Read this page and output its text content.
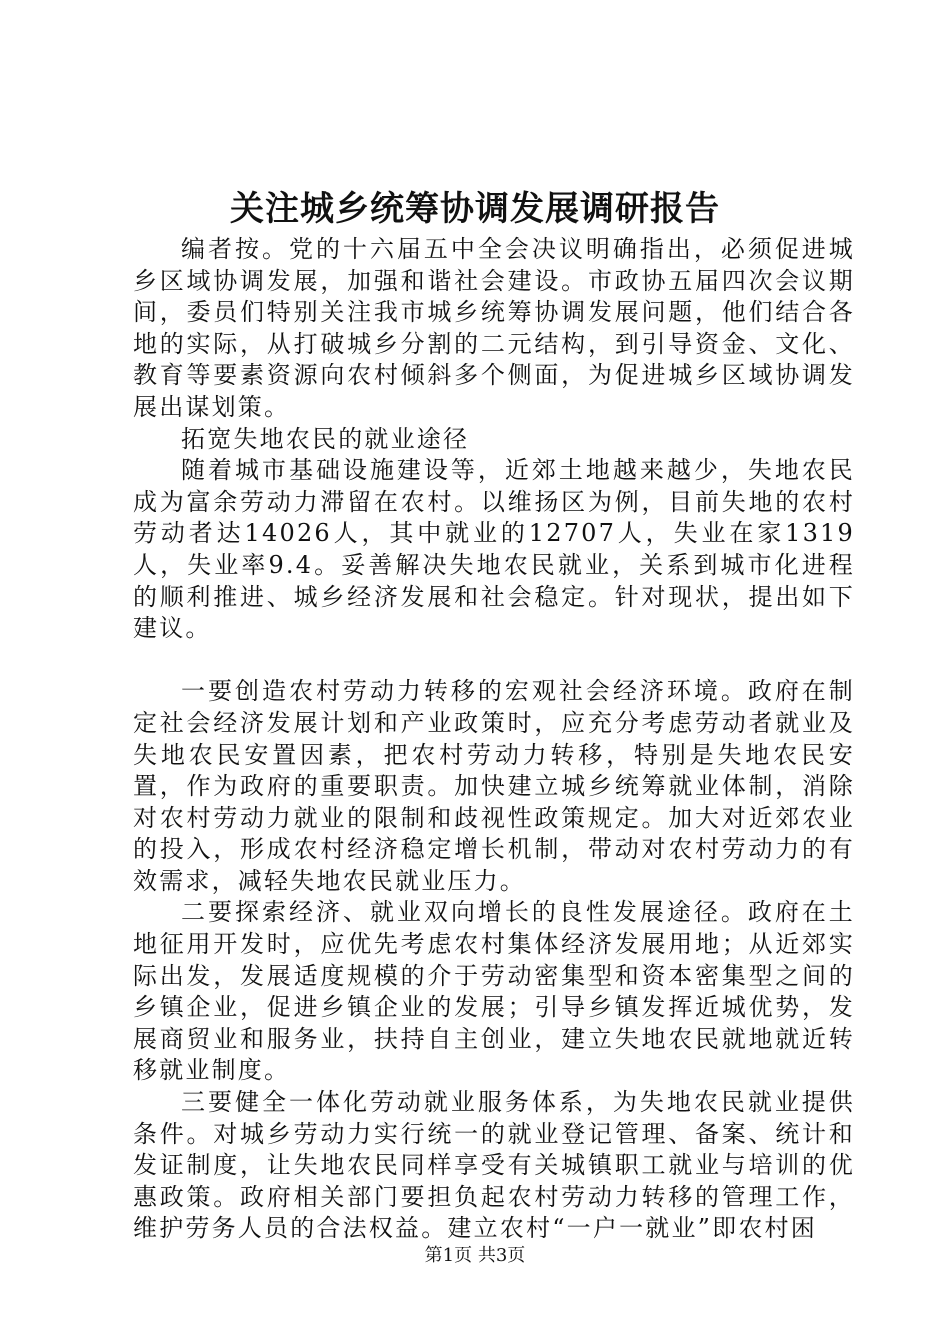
关注城乡统筹协调发展调研报告

编者按。党的十六届五中全会决议明确指出，必须促进城乡区域协调发展，加强和谐社会建设。市政协五届四次会议期间，委员们特别关注我市城乡统筹协调发展问题，他们结合各地的实际，从打破城乡分割的二元结构，到引导资金、文化、教育等要素资源向农村倾斜多个侧面，为促进城乡区域协调发展出谋划策。

拓宽失地农民的就业途径

随着城市基础设施建设等，近郊土地越来越少，失地农民成为富余劳动力滞留在农村。以维扬区为例，目前失地的农村劳动者达14026人，其中就业的12707人，失业在家1319人，失业率9.4。妥善解决失地农民就业，关系到城市化进程的顺利推进、城乡经济发展和社会稳定。针对现状，提出如下建议。

一要创造农村劳动力转移的宏观社会经济环境。政府在制定社会经济发展计划和产业政策时，应充分考虑劳动者就业及失地农民安置因素，把农村劳动力转移，特别是失地农民安置，作为政府的重要职责。加快建立城乡统筹就业体制，消除对农村劳动力就业的限制和歧视性政策规定。加大对近郊农业的投入，形成农村经济稳定增长机制，带动对农村劳动力的有效需求，减轻失地农民就业压力。

二要探索经济、就业双向增长的良性发展途径。政府在土地征用开发时，应优先考虑农村集体经济发展用地；从近郊实际出发，发展适度规模的介于劳动密集型和资本密集型之间的乡镇企业，促进乡镇企业的发展；引导乡镇发挥近城优势，发展商贸业和服务业，扶持自主创业，建立失地农民就地就近转移就业制度。

三要健全一体化劳动就业服务体系，为失地农民就业提供条件。对城乡劳动力实行统一的就业登记管理、备案、统计和发证制度，让失地农民同样享受有关城镇职工就业与培训的优惠政策。政府相关部门要担负起农村劳动力转移的管理工作，维护劳务人员的合法权益。建立农村“一户一就业”即农村困

第1页 共3页
